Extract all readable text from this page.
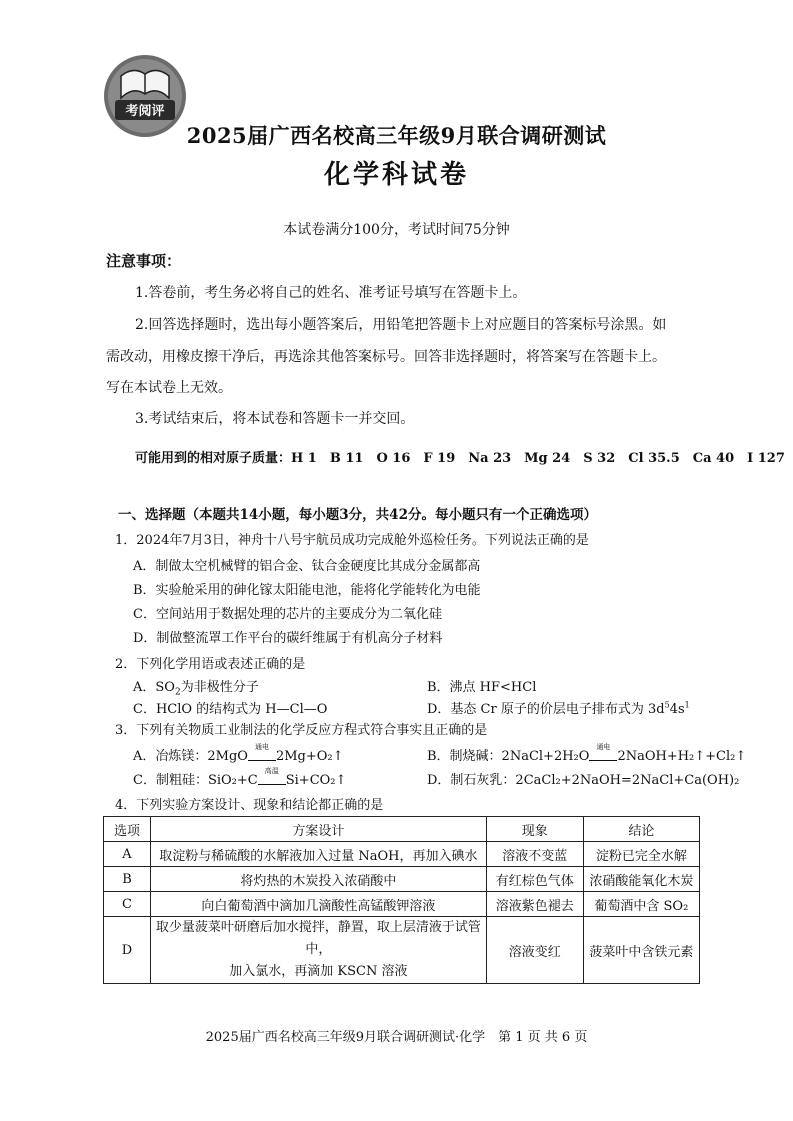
考阅评
2025届广西名校高三年级9月联合调研测试
化学科试卷
本试卷满分100分，考试时间75分钟
注意事项：
1.答卷前，考生务必将自己的姓名、准考证号填写在答题卡上。
2.回答选择题时，选出每小题答案后，用铅笔把答题卡上对应题目的答案标号涂黑。如
需改动，用橡皮擦干净后，再选涂其他答案标号。回答非选择题时，将答案写在答题卡上。
写在本试卷上无效。
3.考试结束后，将本试卷和答题卡一并交回。
可能用到的相对原子质量：H 1　B 11　O 16　F 19　Na 23　Mg 24　S 32　Cl 35.5　Ca 40　I 127
一、选择题（本题共14小题，每小题3分，共42分。每小题只有一个正确选项）
1．2024年7月3日，神舟十八号宇航员成功完成舱外巡检任务。下列说法正确的是
A．制做太空机械臂的铝合金、钛合金硬度比其成分金属都高
B．实验舱采用的砷化镓太阳能电池，能将化学能转化为电能
C．空间站用于数据处理的芯片的主要成分为二氧化硅
D．制做整流罩工作平台的碳纤维属于有机高分子材料
2．下列化学用语或表述正确的是
A．$SO_2$为非极性分子	B．沸点 HF<HCl
C．HClO 的结构式为 H—Cl—O	D．基态 Cr 原子的价层电子排布式为 $3d^54s^1$
3．下列有关物质工业制法的化学反应方程式符合事实且正确的是
A．冶炼镁：2MgO
通电
  2Mg+O₂↑	B．制烧碱：2NaCl+2H₂O
通电
  2NaOH+H₂↑+Cl₂↑
C．制粗硅：SiO₂+C
高温
  Si+CO₂↑	D．制石灰乳：2CaCl₂+2NaOH=2NaCl+Ca(OH)₂
4．下列实验方案设计、现象和结论都正确的是
选项	方案设计	现象	结论
A	取淀粉与稀硫酸的水解液加入过量 NaOH，再加入碘水	溶液不变蓝	淀粉已完全水解
B	将灼热的木炭投入浓硝酸中	有红棕色气体	浓硝酸能氧化木炭
C	向白葡萄酒中滴加几滴酸性高锰酸钾溶液	溶液紫色褪去	葡萄酒中含 SO₂
D	取少量菠菜叶研磨后加水搅拌，静置，取上层清液于试管中，
加入氯水，再滴加 KSCN 溶液	溶液变红	菠菜叶中含铁元素
2025届广西名校高三年级9月联合调研测试·化学　第 1 页 共 6 页
